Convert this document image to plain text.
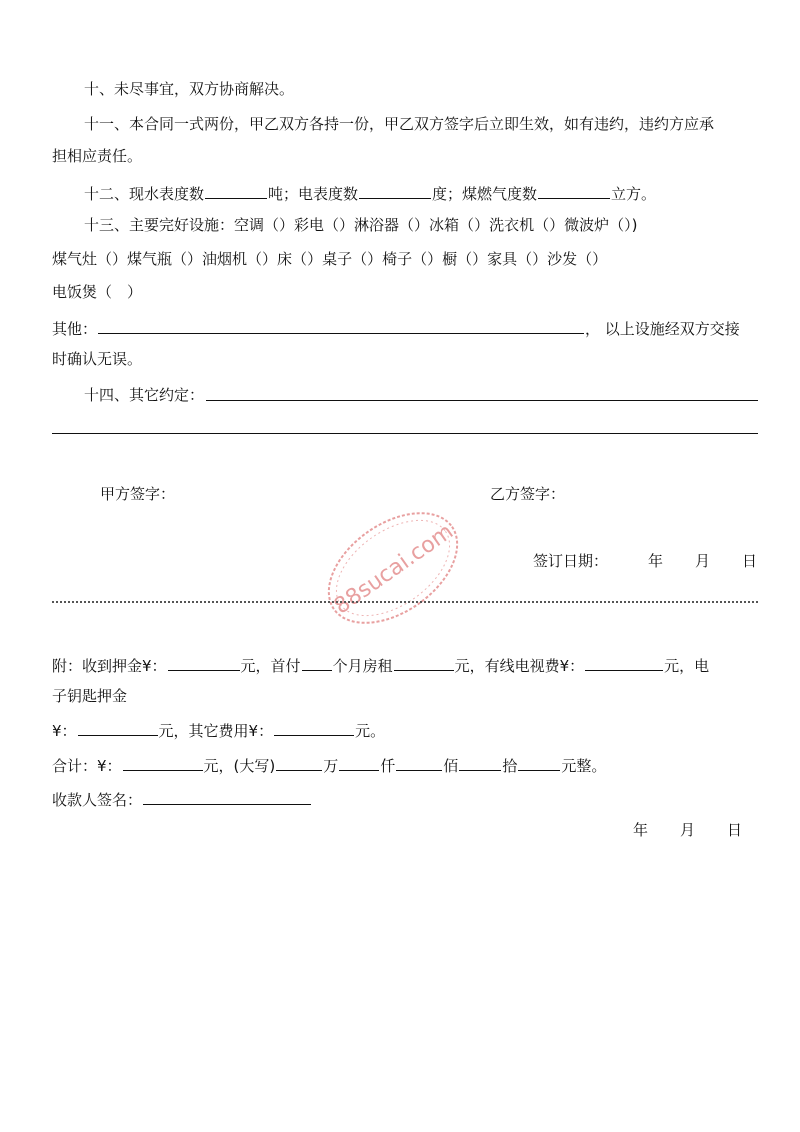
十、未尽事宜，双方协商解决。
十一、本合同一式两份，甲乙双方各持一份，甲乙双方签字后立即生效，如有违约，违约方应承
担相应责任。
十二、现水表度数	吨；电表度数	度；煤燃气度数	立方。
十三、主要完好设施：空调（）彩电（）淋浴器（）冰箱（）洗衣机（）微波炉（）)
煤气灶（）煤气瓶（）油烟机（）床（）桌子（）椅子（）橱（）家具（）沙发（）
电饭煲（　）
其他：	， 以上设施经双方交接
时确认无误。
十四、其它约定：
甲方签字：	乙方签字：
签订日期：	年 月 日
88sucai.com
附：收到押金¥：	元，首付 个月房租	元，有线电视费¥：	元，电
子钥匙押金
¥：	元，其它费用¥：	元。
合计：¥：	元，(大写)	万	仟	佰	拾	元整。
收款人签名：
年 月 日
